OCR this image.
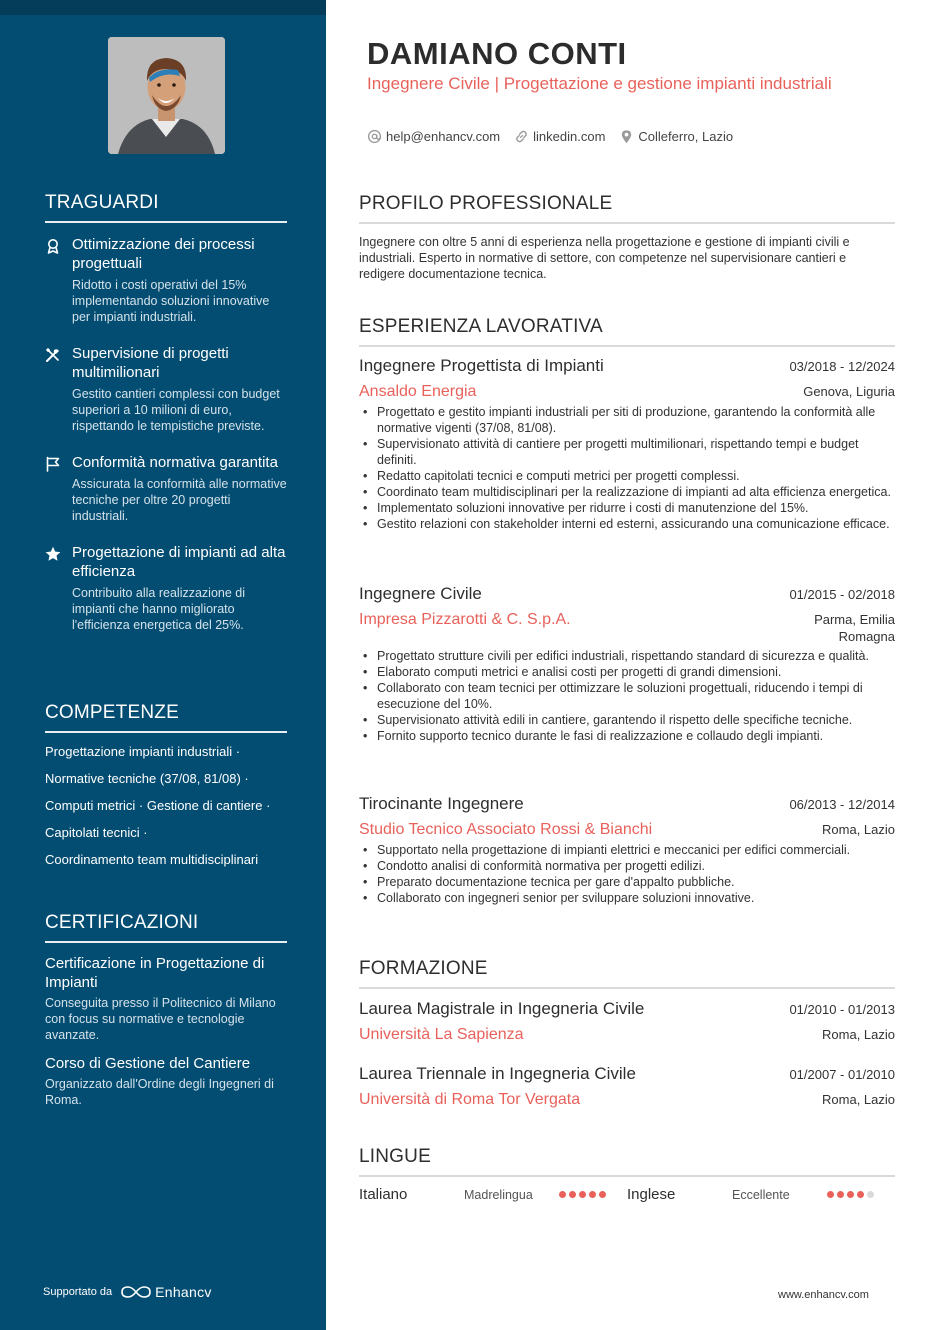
TRAGUARDI
Ottimizzazione dei processi progettuali
Ridotto i costi operativi del 15% implementando soluzioni innovative per impianti industriali.
Supervisione di progetti multimilionari
Gestito cantieri complessi con budget superiori a 10 milioni di euro, rispettando le tempistiche previste.
Conformità normativa garantita
Assicurata la conformità alle normative tecniche per oltre 20 progetti industriali.
Progettazione di impianti ad alta efficienza
Contribuito alla realizzazione di impianti che hanno migliorato l'efficienza energetica del 25%.
COMPETENZE
Progettazione impianti industriali ·
Normative tecniche (37/08, 81/08) ·
Computi metrici · Gestione di cantiere ·
Capitolati tecnici ·
Coordinamento team multidisciplinari
CERTIFICAZIONI
Certificazione in Progettazione di Impianti
Conseguita presso il Politecnico di Milano con focus su normative e tecnologie avanzate.
Corso di Gestione del Cantiere
Organizzato dall'Ordine degli Ingegneri di Roma.
Supportato da	Enhancv
DAMIANO CONTI
Ingegnere Civile | Progettazione e gestione impianti industriali
help@enhancv.com	linkedin.com	Colleferro, Lazio
PROFILO PROFESSIONALE
Ingegnere con oltre 5 anni di esperienza nella progettazione e gestione di impianti civili e industriali. Esperto in normative di settore, con competenze nel supervisionare cantieri e redigere documentazione tecnica.
ESPERIENZA LAVORATIVA
Ingegnere Progettista di Impianti	03/2018 - 12/2024
Ansaldo Energia	Genova, Liguria
• Progettato e gestito impianti industriali per siti di produzione, garantendo la conformità alle normative vigenti (37/08, 81/08).
• Supervisionato attività di cantiere per progetti multimilionari, rispettando tempi e budget definiti.
• Redatto capitolati tecnici e computi metrici per progetti complessi.
• Coordinato team multidisciplinari per la realizzazione di impianti ad alta efficienza energetica.
• Implementato soluzioni innovative per ridurre i costi di manutenzione del 15%.
• Gestito relazioni con stakeholder interni ed esterni, assicurando una comunicazione efficace.
Ingegnere Civile	01/2015 - 02/2018
Impresa Pizzarotti & C. S.p.A.	Parma, Emilia Romagna
• Progettato strutture civili per edifici industriali, rispettando standard di sicurezza e qualità.
• Elaborato computi metrici e analisi costi per progetti di grandi dimensioni.
• Collaborato con team tecnici per ottimizzare le soluzioni progettuali, riducendo i tempi di esecuzione del 10%.
• Supervisionato attività edili in cantiere, garantendo il rispetto delle specifiche tecniche.
• Fornito supporto tecnico durante le fasi di realizzazione e collaudo degli impianti.
Tirocinante Ingegnere	06/2013 - 12/2014
Studio Tecnico Associato Rossi & Bianchi	Roma, Lazio
• Supportato nella progettazione di impianti elettrici e meccanici per edifici commerciali.
• Condotto analisi di conformità normativa per progetti edilizi.
• Preparato documentazione tecnica per gare d'appalto pubbliche.
• Collaborato con ingegneri senior per sviluppare soluzioni innovative.
FORMAZIONE
Laurea Magistrale in Ingegneria Civile	01/2010 - 01/2013
Università La Sapienza	Roma, Lazio
Laurea Triennale in Ingegneria Civile	01/2007 - 01/2010
Università di Roma Tor Vergata	Roma, Lazio
LINGUE
Italiano	Madrelingua	Inglese	Eccellente
www.enhancv.com
